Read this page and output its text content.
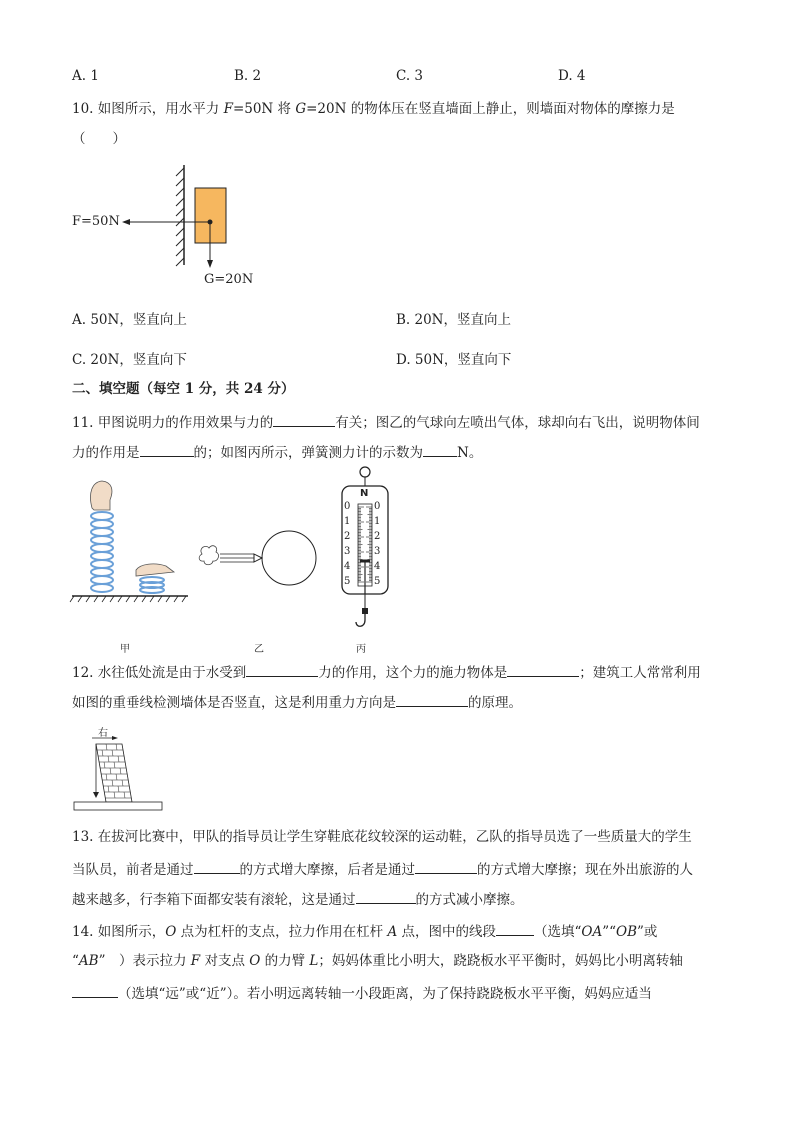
A. 1	B. 2	C. 3	D. 4
10. 如图所示，用水平力 F=50N 将 G=20N 的物体压在竖直墙面上静止，则墙面对物体的摩擦力是
（　　）
F=50N
G=20N
A. 50N，竖直向上	B. 20N，竖直向上
C. 20N，竖直向下	D. 50N，竖直向下
二、填空题（每空 1 分，共 24 分）
11. 甲图说明力的作用效果与力的	有关；图乙的气球向左喷出气体，球却向右飞出，说明物体间
力的作用是	的；如图丙所示，弹簧测力计的示数为	N。
N
0
1
2
3
4
5
0
1
2
3
4
5
甲	乙	丙
12. 水往低处流是由于水受到	力的作用，这个力的施力物体是	；建筑工人常常利用
如图的重垂线检测墙体是否竖直，这是利用重力方向是	的原理。
右
13. 在拔河比赛中，甲队的指导员让学生穿鞋底花纹较深的运动鞋，乙队的指导员选了一些质量大的学生
当队员，前者是通过	的方式增大摩擦，后者是通过	的方式增大摩擦；现在外出旅游的人
越来越多，行李箱下面都安装有滚轮，这是通过	的方式减小摩擦。
14. 如图所示，O 点为杠杆的支点，拉力作用在杠杆 A 点，图中的线段	（选填“OA”“OB”或
“AB”　）表示拉力 F 对支点 O 的力臂 L；妈妈体重比小明大，跷跷板水平平衡时，妈妈比小明离转轴
（选填“远”或“近”）。若小明远离转轴一小段距离，为了保持跷跷板水平平衡，妈妈应适当
